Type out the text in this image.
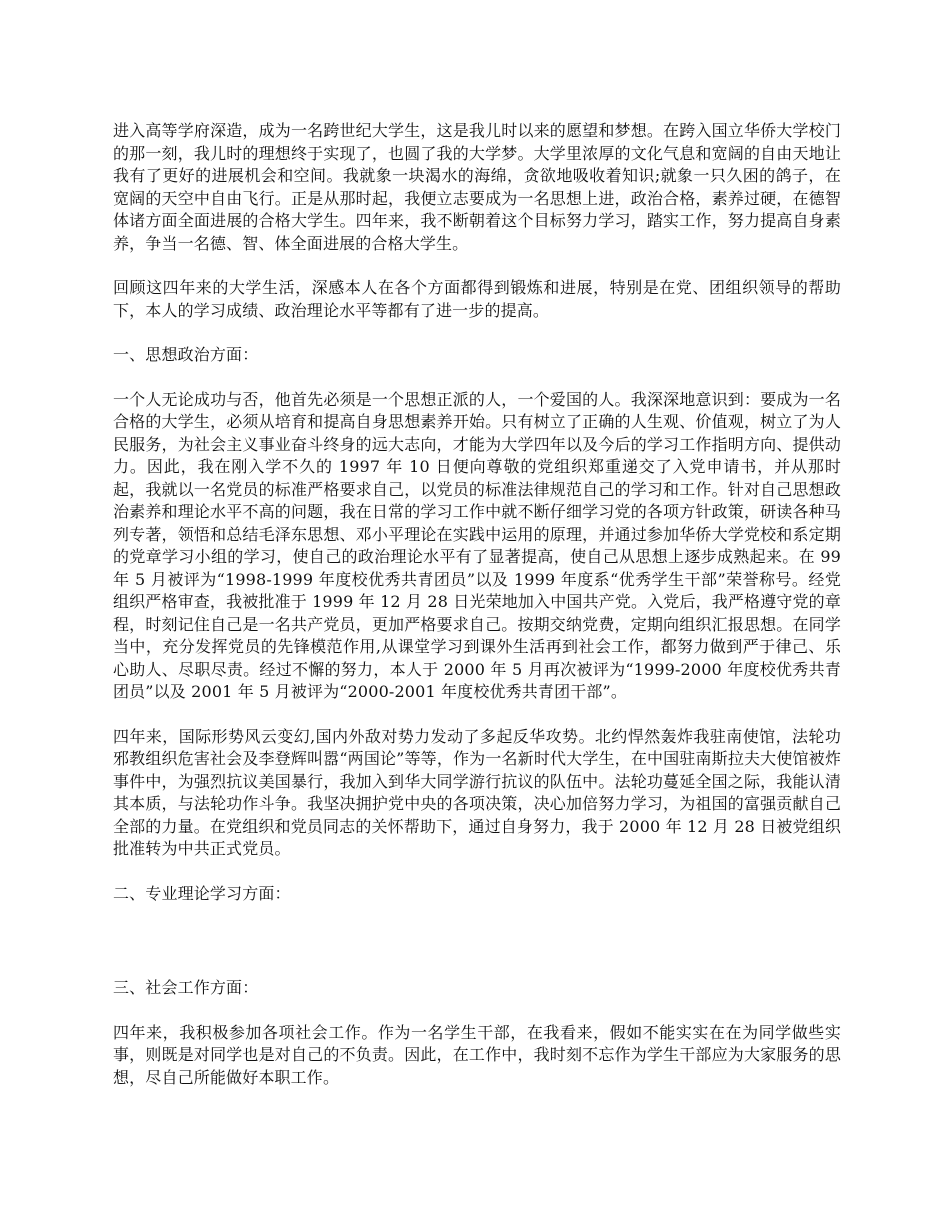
进入高等学府深造，成为一名跨世纪大学生，这是我儿时以来的愿望和梦想。在跨入国立华侨大学校门的那一刻，我儿时的理想终于实现了，也圆了我的大学梦。大学里浓厚的文化气息和宽阔的自由天地让我有了更好的进展机会和空间。我就象一块渴水的海绵，贪欲地吸收着知识;就象一只久困的鸽子，在宽阔的天空中自由飞行。正是从那时起，我便立志要成为一名思想上进，政治合格，素养过硬，在德智体诸方面全面进展的合格大学生。四年来，我不断朝着这个目标努力学习，踏实工作，努力提高自身素养，争当一名德、智、体全面进展的合格大学生。

回顾这四年来的大学生活，深感本人在各个方面都得到锻炼和进展，特别是在党、团组织领导的帮助下，本人的学习成绩、政治理论水平等都有了进一步的提高。

一、思想政治方面：

一个人无论成功与否，他首先必须是一个思想正派的人，一个爱国的人。我深深地意识到：要成为一名合格的大学生，必须从培育和提高自身思想素养开始。只有树立了正确的人生观、价值观，树立了为人民服务，为社会主义事业奋斗终身的远大志向，才能为大学四年以及今后的学习工作指明方向、提供动力。因此，我在刚入学不久的 1997 年 10 日便向尊敬的党组织郑重递交了入党申请书，并从那时起，我就以一名党员的标准严格要求自己，以党员的标准法律规范自己的学习和工作。针对自己思想政治素养和理论水平不高的问题，我在日常的学习工作中就不断仔细学习党的各项方针政策，研读各种马列专著，领悟和总结毛泽东思想、邓小平理论在实践中运用的原理，并通过参加华侨大学党校和系定期的党章学习小组的学习，使自己的政治理论水平有了显著提高，使自己从思想上逐步成熟起来。在 99 年 5 月被评为“1998-1999 年度校优秀共青团员”以及 1999 年度系“优秀学生干部”荣誉称号。经党组织严格审查，我被批准于 1999 年 12 月 28 日光荣地加入中国共产党。入党后，我严格遵守党的章程，时刻记住自己是一名共产党员，更加严格要求自己。按期交纳党费，定期向组织汇报思想。在同学当中，充分发挥党员的先锋模范作用,从课堂学习到课外生活再到社会工作，都努力做到严于律己、乐心助人、尽职尽责。经过不懈的努力，本人于 2000 年 5 月再次被评为“1999-2000 年度校优秀共青团员”以及 2001 年 5 月被评为“2000-2001 年度校优秀共青团干部”。

四年来，国际形势风云变幻,国内外敌对势力发动了多起反华攻势。北约悍然轰炸我驻南使馆，法轮功邪教组织危害社会及李登辉叫嚣“两国论”等等，作为一名新时代大学生，在中国驻南斯拉夫大使馆被炸事件中，为强烈抗议美国暴行，我加入到华大同学游行抗议的队伍中。法轮功蔓延全国之际，我能认清其本质，与法轮功作斗争。我坚决拥护党中央的各项决策，决心加倍努力学习，为祖国的富强贡献自己全部的力量。在党组织和党员同志的关怀帮助下，通过自身努力，我于 2000 年 12 月 28 日被党组织批准转为中共正式党员。

二、专业理论学习方面：

三、社会工作方面：

四年来，我积极参加各项社会工作。作为一名学生干部，在我看来，假如不能实实在在为同学做些实事，则既是对同学也是对自己的不负责。因此，在工作中，我时刻不忘作为学生干部应为大家服务的思想，尽自己所能做好本职工作。
